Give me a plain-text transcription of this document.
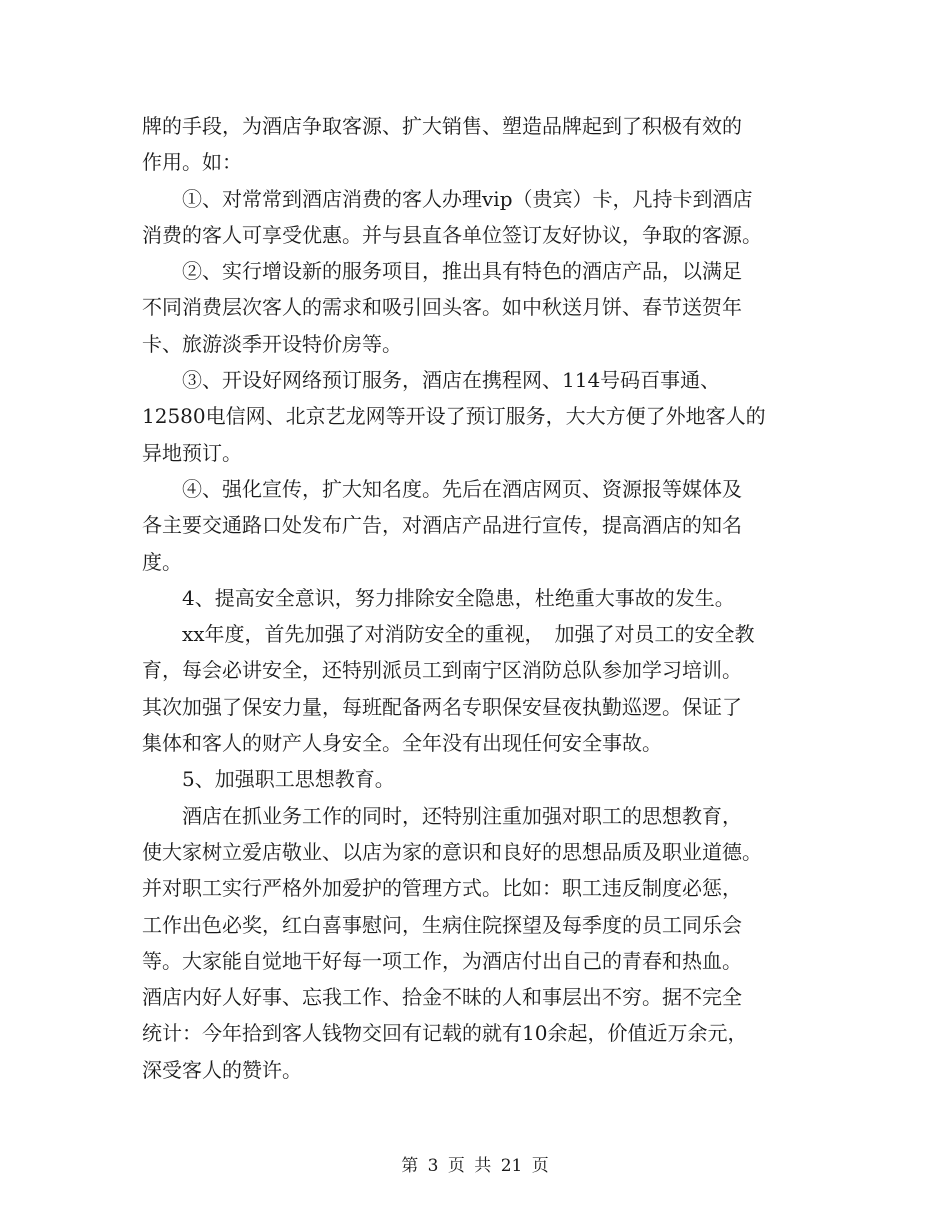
牌的手段，为酒店争取客源、扩大销售、塑造品牌起到了积极有效的
作用。如：

　　①、对常常到酒店消费的客人办理vip（贵宾）卡，凡持卡到酒店
消费的客人可享受优惠。并与县直各单位签订友好协议，争取的客源。

　　②、实行增设新的服务项目，推出具有特色的酒店产品，以满足
不同消费层次客人的需求和吸引回头客。如中秋送月饼、春节送贺年
卡、旅游淡季开设特价房等。

　　③、开设好网络预订服务，酒店在携程网、114号码百事通、
12580电信网、北京艺龙网等开设了预订服务，大大方便了外地客人的
异地预订。

　　④、强化宣传，扩大知名度。先后在酒店网页、资源报等媒体及
各主要交通路口处发布广告，对酒店产品进行宣传，提高酒店的知名
度。

　　4、提高安全意识，努力排除安全隐患，杜绝重大事故的发生。

　　xx年度，首先加强了对消防安全的重视，　加强了对员工的安全教
育，每会必讲安全，还特别派员工到南宁区消防总队参加学习培训。
其次加强了保安力量，每班配备两名专职保安昼夜执勤巡逻。保证了
集体和客人的财产人身安全。全年没有出现任何安全事故。

　　5、加强职工思想教育。

　　酒店在抓业务工作的同时，还特别注重加强对职工的思想教育，
使大家树立爱店敬业、以店为家的意识和良好的思想品质及职业道德。
并对职工实行严格外加爱护的管理方式。比如：职工违反制度必惩，
工作出色必奖，红白喜事慰问，生病住院探望及每季度的员工同乐会
等。大家能自觉地干好每一项工作，为酒店付出自己的青春和热血。
酒店内好人好事、忘我工作、拾金不昧的人和事层出不穷。据不完全
统计：今年拾到客人钱物交回有记载的就有10余起，价值近万余元，
深受客人的赞许。

第 3 页 共 21 页
